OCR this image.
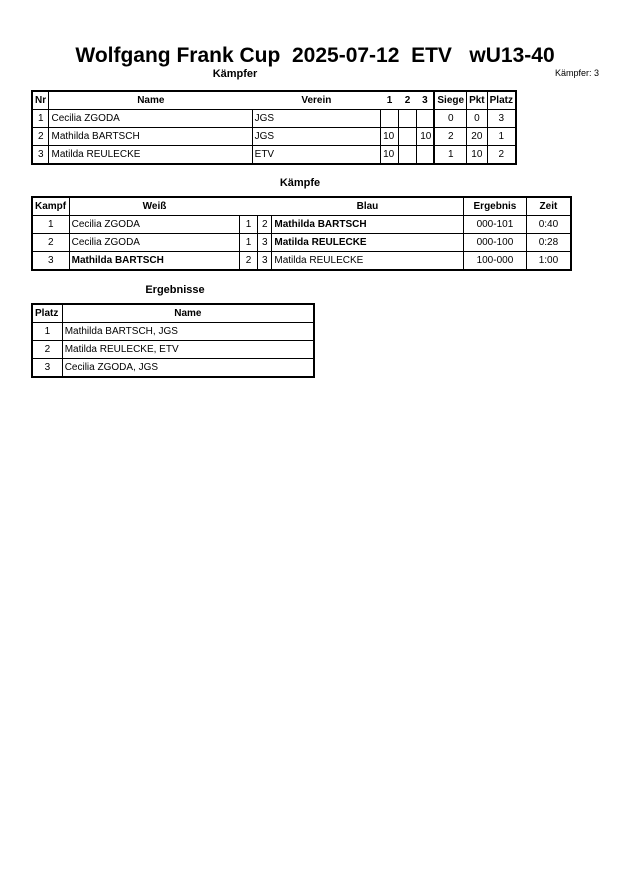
Wolfgang Frank Cup  2025-07-12  ETV   wU13-40
Kämpfer: 3
Kämpfer
Nr	Name	Verein	1	2	3	Siege	Pkt	Platz
1	Cecilia ZGODA	JGS				0	0	3
2	Mathilda BARTSCH	JGS	10		10	2	20	1
3	Matilda REULECKE	ETV	10			1	10	2
Kämpfe
Kampf	Weiß			Blau	Ergebnis	Zeit
1	Cecilia ZGODA	1	2	Mathilda BARTSCH	000-101	0:40
2	Cecilia ZGODA	1	3	Matilda REULECKE	000-100	0:28
3	Mathilda BARTSCH	2	3	Matilda REULECKE	100-000	1:00
Ergebnisse
Platz	Name
1	Mathilda BARTSCH, JGS
2	Matilda REULECKE, ETV
3	Cecilia ZGODA, JGS
